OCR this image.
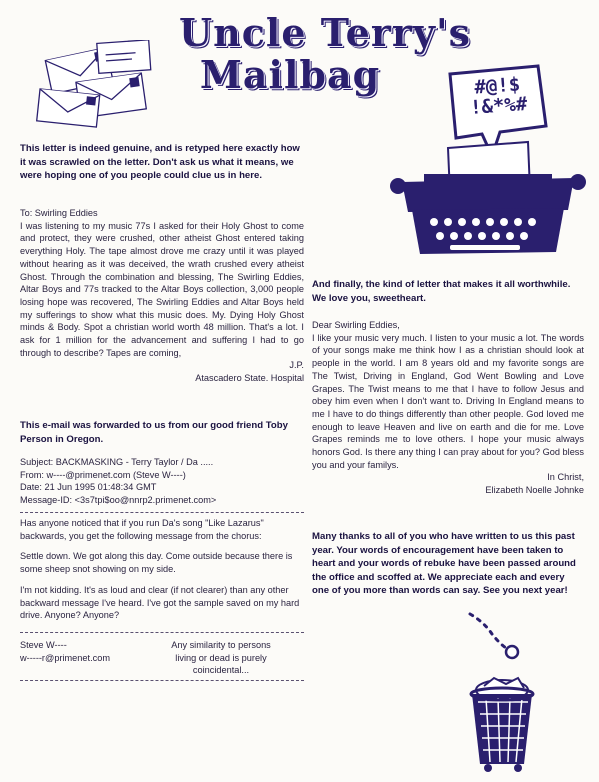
Uncle Terry's
Mailbag	#@!$
!&*%#
This letter is indeed genuine, and is retyped here exactly how it was scrawled on the letter. Don't ask us what it means, we were hoping one of you people could clue us in here.

To: Swirling Eddies

I was listening to my music 77s I asked for their Holy Ghost to come and protect, they were crushed, other atheist Ghost entered taking everything Holy. The tape almost drove me crazy until it was played without hearing as it was deceived, the wrath crushed every atheist Ghost. Through the combination and blessing, The Swirling Eddies, Altar Boys and 77s tracked to the Altar Boys collection, 3,000 people losing hope was recovered, The Swirling Eddies and Altar Boys held my sufferings to show what this music does. My. Dying Holy Ghost minds & Body. Spot a christian world worth 48 million. That's a lot. I ask for 1 million for the advancement and suffering I had to go through to describe? Tapes are coming,

J.P.

Atascadero State. Hospital

This e-mail was forwarded to us from our good friend Toby Person in Oregon.

Subject: BACKMASKING - Terry Taylor / Da .....

From: w----@primenet.com (Steve W----)

Date: 21 Jun 1995 01:48:34 GMT

Message-ID: <3s7tpi$oo@nnrp2.primenet.com>

Has anyone noticed that if you run Da's song "Like Lazarus" backwards, you get the following message from the chorus:

Settle down. We got along this day. Come outside because there is some sheep snot showing on my side.

I'm not kidding. It's as loud and clear (if not clearer) than any other backward message I've heard. I've got the sample saved on my hard drive. Anyone? Anyone?

Steve W----

w-----r@primenet.com

Any similarity to persons

living or dead is purely

coincidental...

And finally, the kind of letter that makes it all worthwhile. We love you, sweetheart.

Dear Swirling Eddies,

I like your music very much. I listen to your music a lot. The words of your songs make me think how I as a christian should look at people in the world. I am 8 years old and my favorite songs are The Twist, Driving in England, God Went Bowling and Love Grapes. The Twist means to me that I have to follow Jesus and obey him even when I don't want to. Driving In England means to me I have to do things differently than other people. God loved me enough to leave Heaven and live on earth and die for me. Love Grapes reminds me to love others. I hope your music always honors God. Is there any thing I can pray about for you? God bless you and your familys.

In Christ,

Elizabeth Noelle Johnke

Many thanks to all of you who have written to us this past year. Your words of encouragement have been taken to heart and your words of rebuke have been passed around the office and scoffed at. We appreciate each and every one of you more than words can say. See you next year!
